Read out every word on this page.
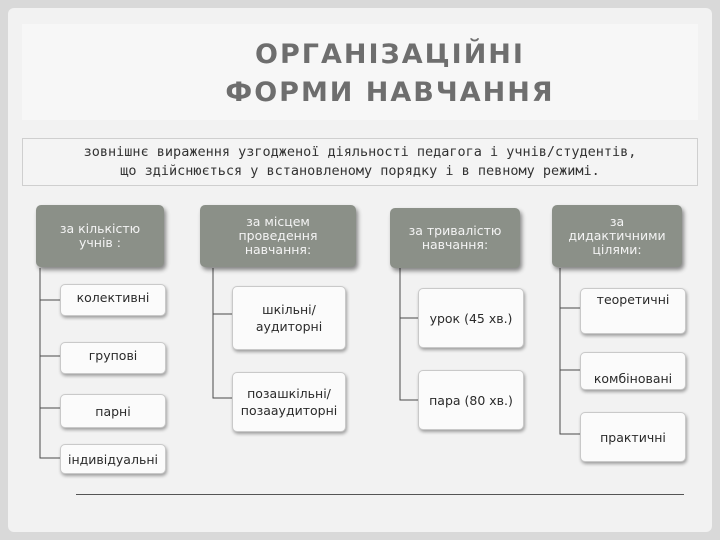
ОРГАНІЗАЦІЙНІ
ФОРМИ НАВЧАННЯ
зовнішнє вираження узгодженої діяльності педагога і учнів/студентів,
що здійснюється у встановленому порядку і в певному режимі.
за кількістю учнів :
за місцем проведення навчання:
за тривалістю навчання:
за дидактичними цілями:
колективні
групові
парні
індивідуальні
шкільні/ аудиторні
позашкільні/ позааудиторні
урок (45 хв.)
пара (80 хв.)
теоретичні
комбіновані
практичні
